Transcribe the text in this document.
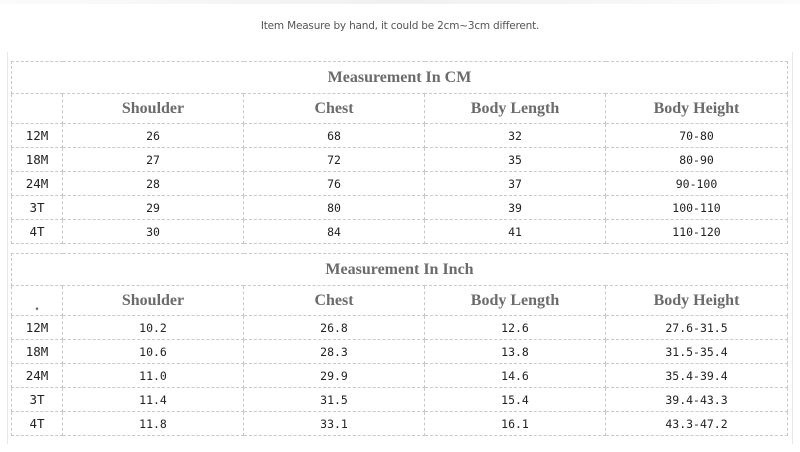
Item Measure by hand, it could be 2cm~3cm different.
Measurement In CM				
	Shoulder	Chest	Body Length	Body Height
12M	26	68	32	70-80
18M	27	72	35	80-90
24M	28	76	37	90-100
3T	29	80	39	100-110
4T	30	84	41	110-120
Measurement In Inch				
.	Shoulder	Chest	Body Length	Body Height
12M	10.2	26.8	12.6	27.6-31.5
18M	10.6	28.3	13.8	31.5-35.4
24M	11.0	29.9	14.6	35.4-39.4
3T	11.4	31.5	15.4	39.4-43.3
4T	11.8	33.1	16.1	43.3-47.2
